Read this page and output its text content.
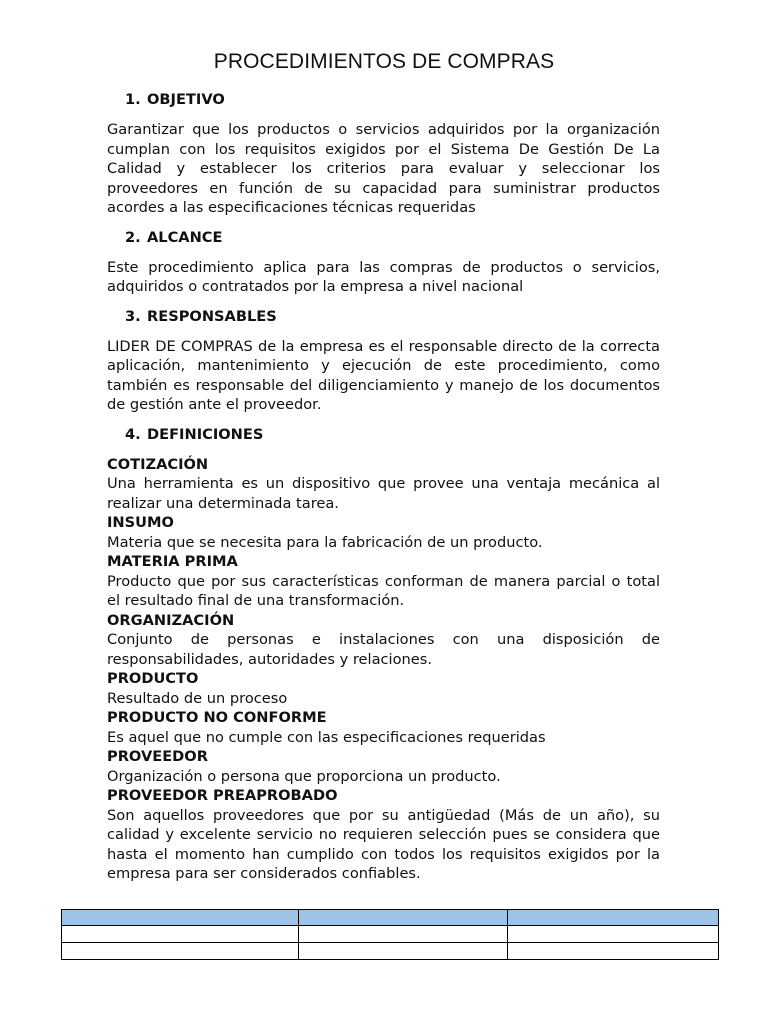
PROCEDIMIENTOS DE COMPRAS
1. OBJETIVO

Garantizar que los productos o servicios adquiridos por la organización cumplan con los requisitos exigidos por el Sistema De Gestión De La Calidad y establecer los criterios para evaluar y seleccionar los proveedores en función de su capacidad para suministrar productos acordes a las especificaciones técnicas requeridas

2. ALCANCE

Este procedimiento aplica para las compras de productos o servicios, adquiridos o contratados por la empresa a nivel nacional

3. RESPONSABLES

LIDER DE COMPRAS de la empresa es el responsable directo de la correcta aplicación, mantenimiento y ejecución de este procedimiento, como también es responsable del diligenciamiento y manejo de los documentos de gestión ante el proveedor.

4. DEFINICIONES
COTIZACIÓN
Una herramienta es un dispositivo que provee una ventaja mecánica al realizar una determinada tarea.
INSUMO
Materia que se necesita para la fabricación de un producto.
MATERIA PRIMA
Producto que por sus características conforman de manera parcial o total el resultado final de una transformación.
ORGANIZACIÓN
Conjunto de personas e instalaciones con una disposición de responsabilidades, autoridades y relaciones.
PRODUCTO
Resultado de un proceso
PRODUCTO NO CONFORME
Es aquel que no cumple con las especificaciones requeridas
PROVEEDOR
Organización o persona que proporciona un producto.
PROVEEDOR PREAPROBADO
Son aquellos proveedores que por su antigüedad (Más de un año), su calidad y excelente servicio no requieren selección pues se considera que hasta el momento han cumplido con todos los requisitos exigidos por la empresa para ser considerados confiables.
